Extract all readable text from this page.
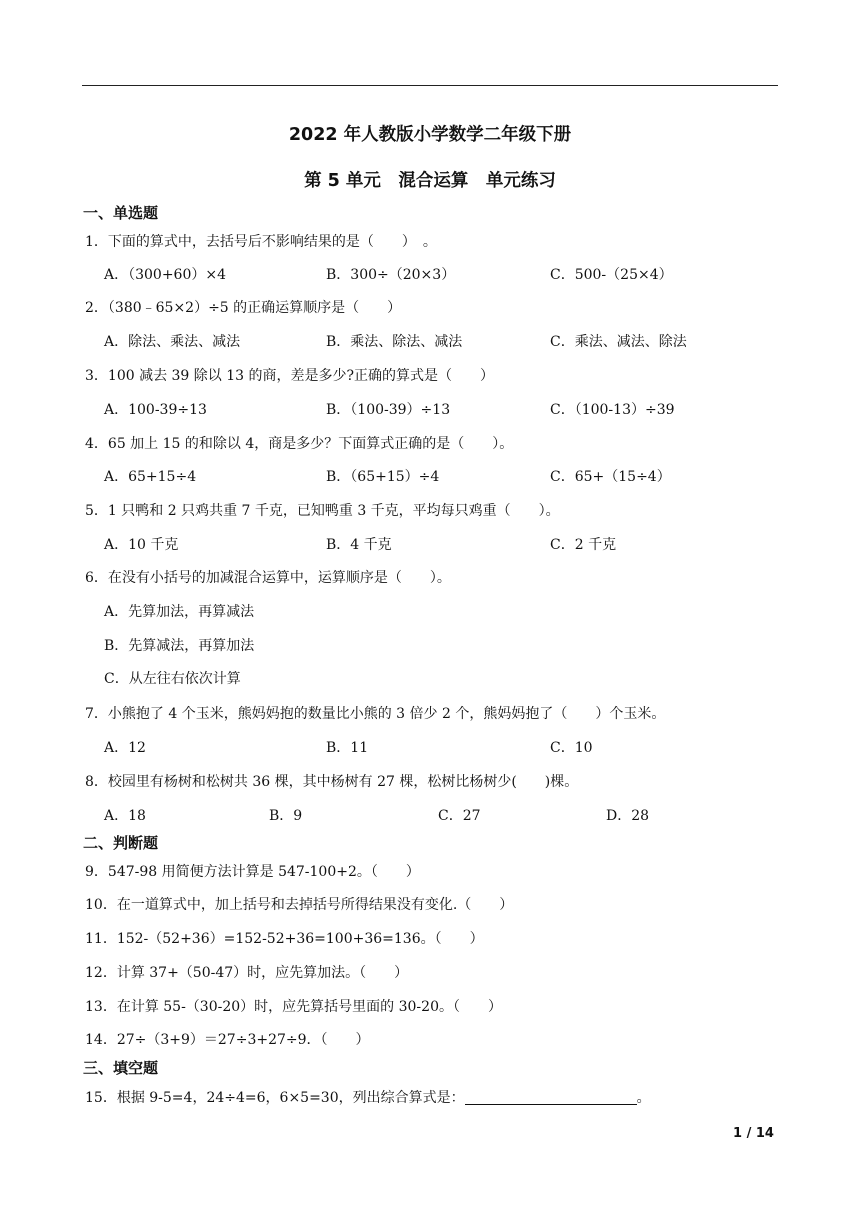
2022 年人教版小学数学二年级下册
第 5 单元　混合运算　单元练习
一、单选题
1．下面的算式中，去括号后不影响结果的是（　　）　。
A．（300+60）×4	B．300÷（20×3）	C．500-（25×4）
2．（380﹣65×2）÷5 的正确运算顺序是（　　）
A．除法、乘法、减法	B．乘法、除法、减法	C．乘法、减法、除法
3．100 减去 39 除以 13 的商，差是多少?正确的算式是（　　）
A．100-39÷13	B．（100-39）÷13	C．（100-13）÷39
4．65 加上 15 的和除以 4，商是多少？下面算式正确的是（　　）。
A．65+15÷4	B．（65+15）÷4	C．65+（15÷4）
5．1 只鸭和 2 只鸡共重 7 千克，已知鸭重 3 千克，平均每只鸡重（　　）。
A．10 千克	B．4 千克	C．2 千克
6．在没有小括号的加减混合运算中，运算顺序是（　　）。
A．先算加法，再算减法
B．先算减法，再算加法
C．从左往右依次计算
7．小熊抱了 4 个玉米，熊妈妈抱的数量比小熊的 3 倍少 2 个，熊妈妈抱了（　　）个玉米。
A．12	B．11	C．10
8．校园里有杨树和松树共 36 棵，其中杨树有 27 棵，松树比杨树少(　　)棵。
A．18	B．9	C．27	D．28
二、判断题
9．547-98 用简便方法计算是 547-100+2。（　　）
10．在一道算式中，加上括号和去掉括号所得结果没有变化.（　　）
11．152-（52+36）=152-52+36=100+36=136。（　　）
12．计算 37+（50-47）时，应先算加法。（　　）
13．在计算 55-（30-20）时，应先算括号里面的 30-20。（　　）
14．27÷（3+9）＝27÷3+27÷9．（　　）
三、填空题
15．根据 9-5=4，24÷4=6，6×5=30，列出综合算式是：	。
1 / 14
